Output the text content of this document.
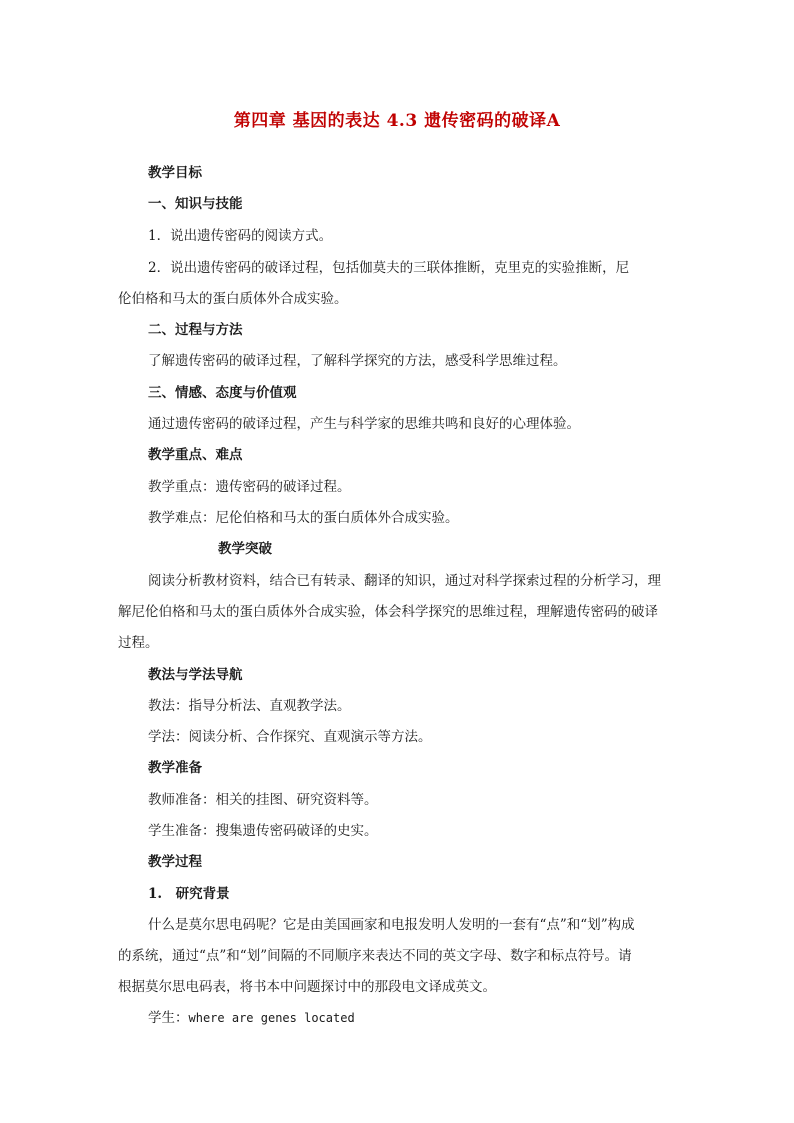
第四章 基因的表达 4.3 遗传密码的破译A
教学目标
一、知识与技能
1．说出遗传密码的阅读方式。
2．说出遗传密码的破译过程，包括伽莫夫的三联体推断，克里克的实验推断，尼
伦伯格和马太的蛋白质体外合成实验。
二、过程与方法
了解遗传密码的破译过程，了解科学探究的方法，感受科学思维过程。
三、情感、态度与价值观
通过遗传密码的破译过程，产生与科学家的思维共鸣和良好的心理体验。
教学重点、难点
教学重点：遗传密码的破译过程。
教学难点：尼伦伯格和马太的蛋白质体外合成实验。
教学突破
阅读分析教材资料，结合已有转录、翻译的知识，通过对科学探索过程的分析学习，理
解尼伦伯格和马太的蛋白质体外合成实验，体会科学探究的思维过程，理解遗传密码的破译
过程。
教法与学法导航
教法：指导分析法、直观教学法。
学法：阅读分析、合作探究、直观演示等方法。
教学准备
教师准备：相关的挂图、研究资料等。
学生准备：搜集遗传密码破译的史实。
教学过程
1.　研究背景
什么是莫尔思电码呢？它是由美国画家和电报发明人发明的一套有“点”和“划”构成
的系统，通过“点”和“划”间隔的不同顺序来表达不同的英文字母、数字和标点符号。请
根据莫尔思电码表，将书本中问题探讨中的那段电文译成英文。
学生：where are genes located
